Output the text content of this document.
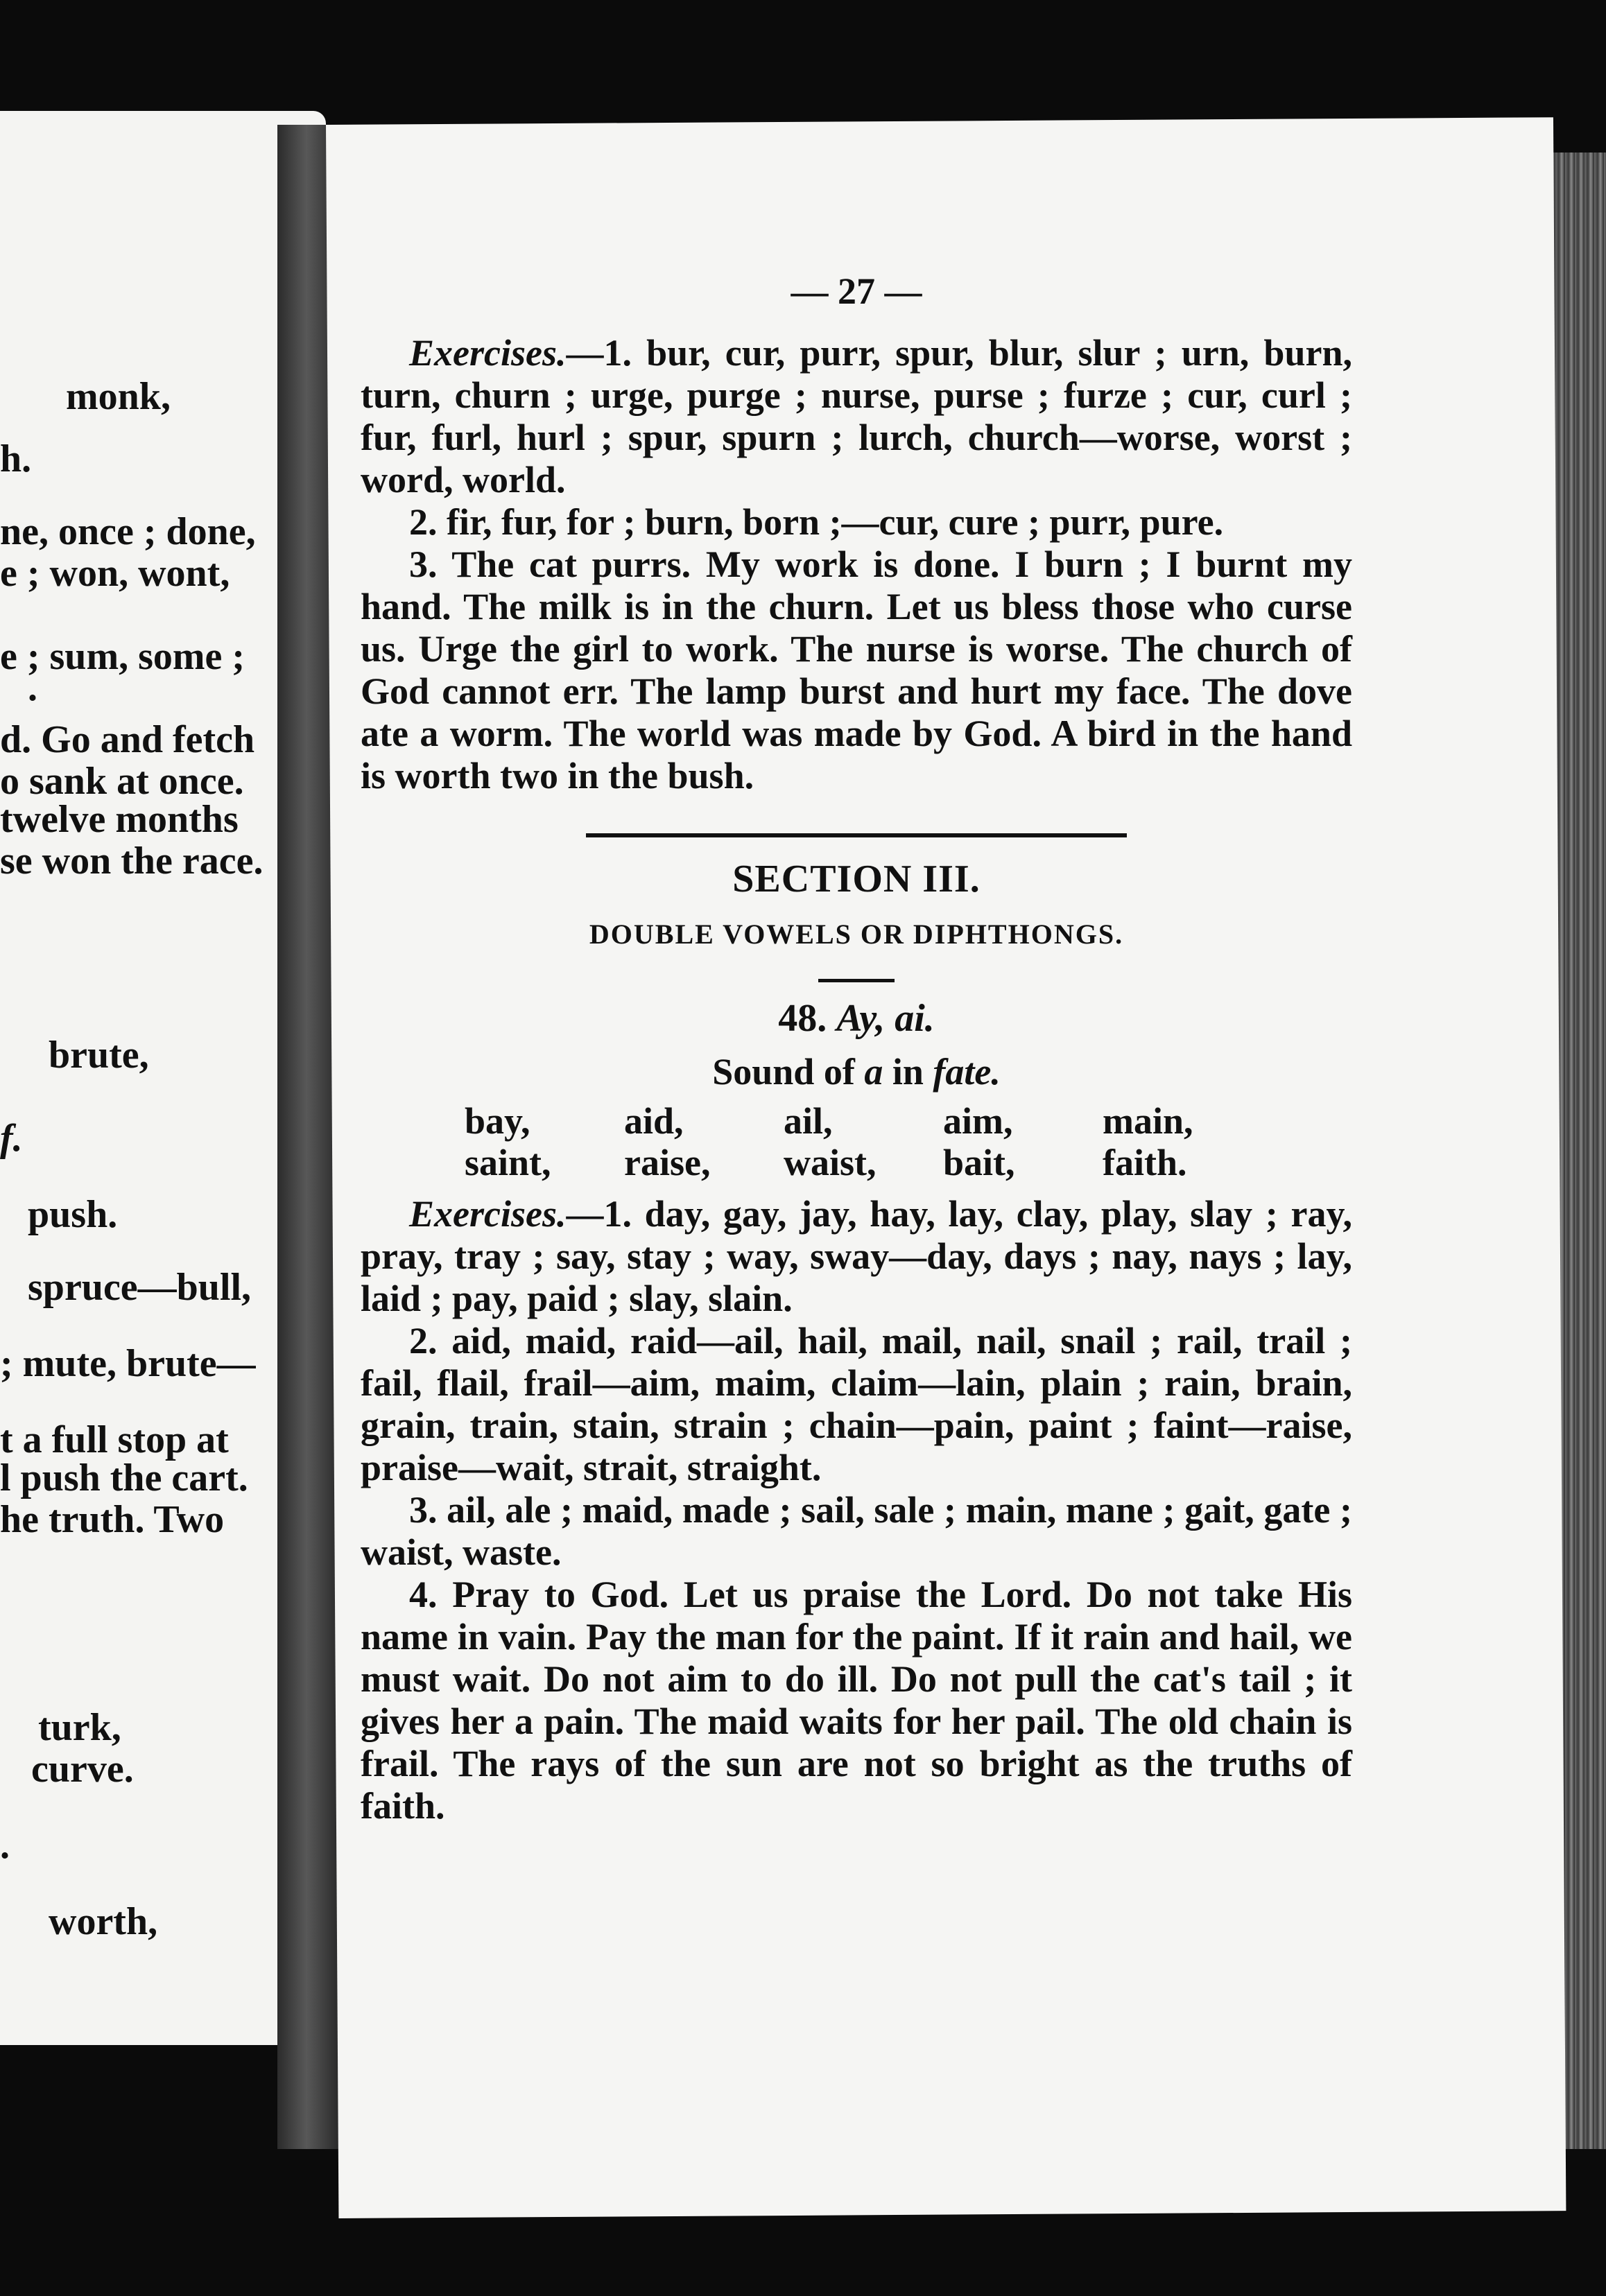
monk,
h.
ne, once ; done,
e ; won, wont,
e ; sum, some ;
.
d. Go and fetch
o sank at once.
twelve months
se won the race.
brute,
f.
push.
spruce—bull,
; mute, brute—
t a full stop at
l push the cart.
he truth. Two
turk,
curve.
.
worth,
— 27 —

Exercises.—1. bur, cur, purr, spur, blur, slur ; urn, burn, turn, churn ; urge, purge ; nurse, purse ; furze ; cur, curl ; fur, furl, hurl ; spur, spurn ; lurch, church—worse, worst ; word, world.

2. fir, fur, for ; burn, born ;—cur, cure ; purr, pure.

3. The cat purrs. My work is done. I burn ; I burnt my hand. The milk is in the churn. Let us bless those who curse us. Urge the girl to work. The nurse is worse. The church of God cannot err. The lamp burst and hurt my face. The dove ate a worm. The world was made by God. A bird in the hand is worth two in the bush.

SECTION III.
DOUBLE VOWELS OR DIPHTHONGS.
48. Ay, ai.
Sound of a in fate.
bay,	aid,	ail,	aim,	main,
saint,	raise,	waist,	bait,	faith.

Exercises.—1. day, gay, jay, hay, lay, clay, play, slay ; ray, pray, tray ; say, stay ; way, sway—day, days ; nay, nays ; lay, laid ; pay, paid ; slay, slain.

2. aid, maid, raid—ail, hail, mail, nail, snail ; rail, trail ; fail, flail, frail—aim, maim, claim—lain, plain ; rain, brain, grain, train, stain, strain ; chain—pain, paint ; faint—raise, praise—wait, strait, straight.

3. ail, ale ; maid, made ; sail, sale ; main, mane ; gait, gate ; waist, waste.

4. Pray to God. Let us praise the Lord. Do not take His name in vain. Pay the man for the paint. If it rain and hail, we must wait. Do not aim to do ill. Do not pull the cat's tail ; it gives her a pain. The maid waits for her pail. The old chain is frail. The rays of the sun are not so bright as the truths of faith.
